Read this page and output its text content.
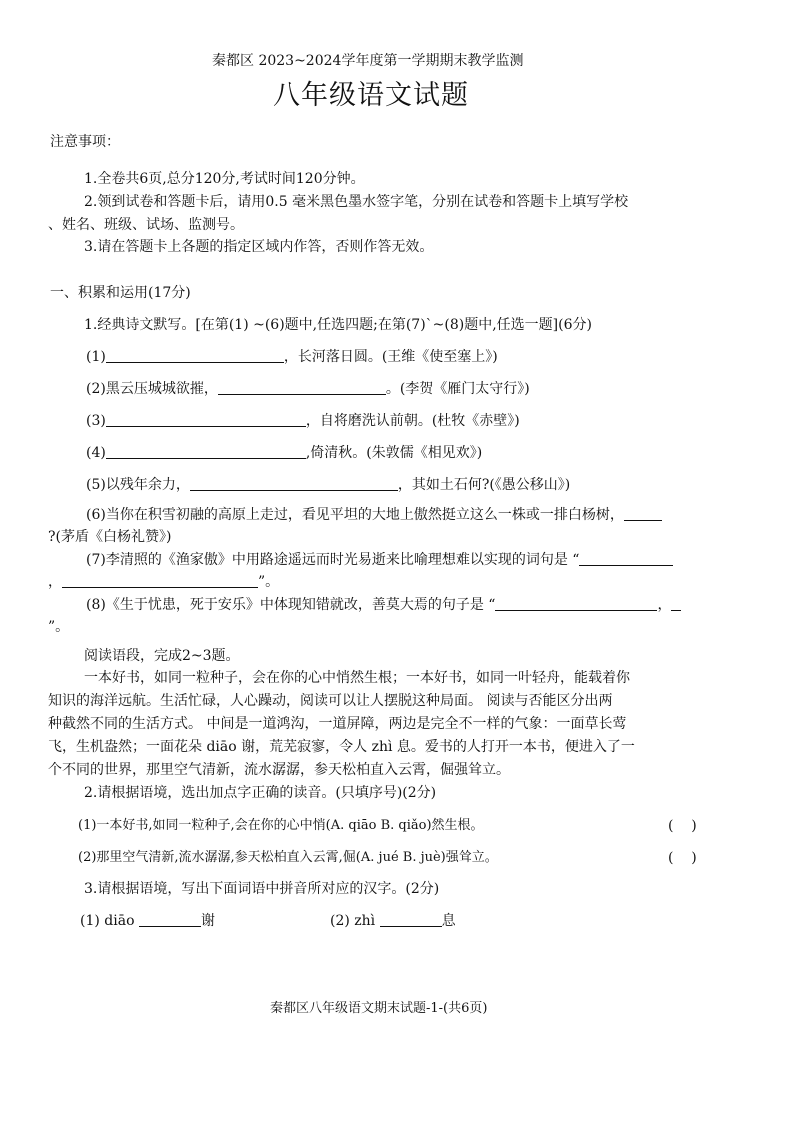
秦都区 2023~2024学年度第一学期期末教学监测
八年级语文试题
注意事项：
1.全卷共6页,总分120分,考试时间120分钟。
2.领到试卷和答题卡后，请用0.5 毫米黑色墨水签字笔，分别在试卷和答题卡上填写学校
、姓名、班级、试场、监测号。
3.请在答题卡上各题的指定区域内作答，否则作答无效。
一、积累和运用(17分)
1.经典诗文默写。[在第(1) ~(6)题中,任选四题;在第(7)`~(8)题中,任选一题](6分)
(1)	，长河落日圆。(王维《使至塞上》)
(2)黑云压城城欲摧，	。(李贺《雁门太守行》)
(3)	，自将磨洗认前朝。(杜牧《赤壁》)
(4)	,倚清秋。(朱敦儒《相见欢》)
(5)以残年余力，	，其如土石何?(《愚公移山》)
(6)当你在积雪初融的高原上走过，看见平坦的大地上傲然挺立这么一株或一排白杨树，
?(茅盾《白杨礼赞》)
(7)李清照的《渔家傲》中用路途遥远而时光易逝来比喻理想难以实现的词句是 “
，	”。
(8)《生于忧患，死于安乐》中体现知错就改，善莫大焉的句子是 “	，
”。
阅读语段，完成2~3题。
一本好书，如同一粒种子，会在你的心中悄然生根；一本好书，如同一叶轻舟，能载着你
知识的海洋远航。生活忙碌，人心躁动，阅读可以让人摆脱这种局面。 阅读与否能区分出两
种截然不同的生活方式。 中间是一道鸿沟，一道屏障，两边是完全不一样的气象：一面草长莺
飞，生机盎然；一面花朵 diāo 谢，荒芜寂寥，令人 zhì 息。爱书的人打开一本书，便进入了一
个不同的世界，那里空气清新，流水潺潺，参天松柏直入云霄，倔强耸立。
2.请根据语境，选出加点字正确的读音。(只填序号)(2分)
(1)一本好书,如同一粒种子,会在你的心中悄(A. qiāo B. qiǎo)然生根。	(    )
(2)那里空气清新,流水潺潺,参天松柏直入云霄,倔(A. jué B. juè)强耸立。	(    )
3.请根据语境，写出下面词语中拼音所对应的汉字。(2分)
(1) diāo	谢	(2) zhì	息
秦都区八年级语文期末试题-1-(共6页)
